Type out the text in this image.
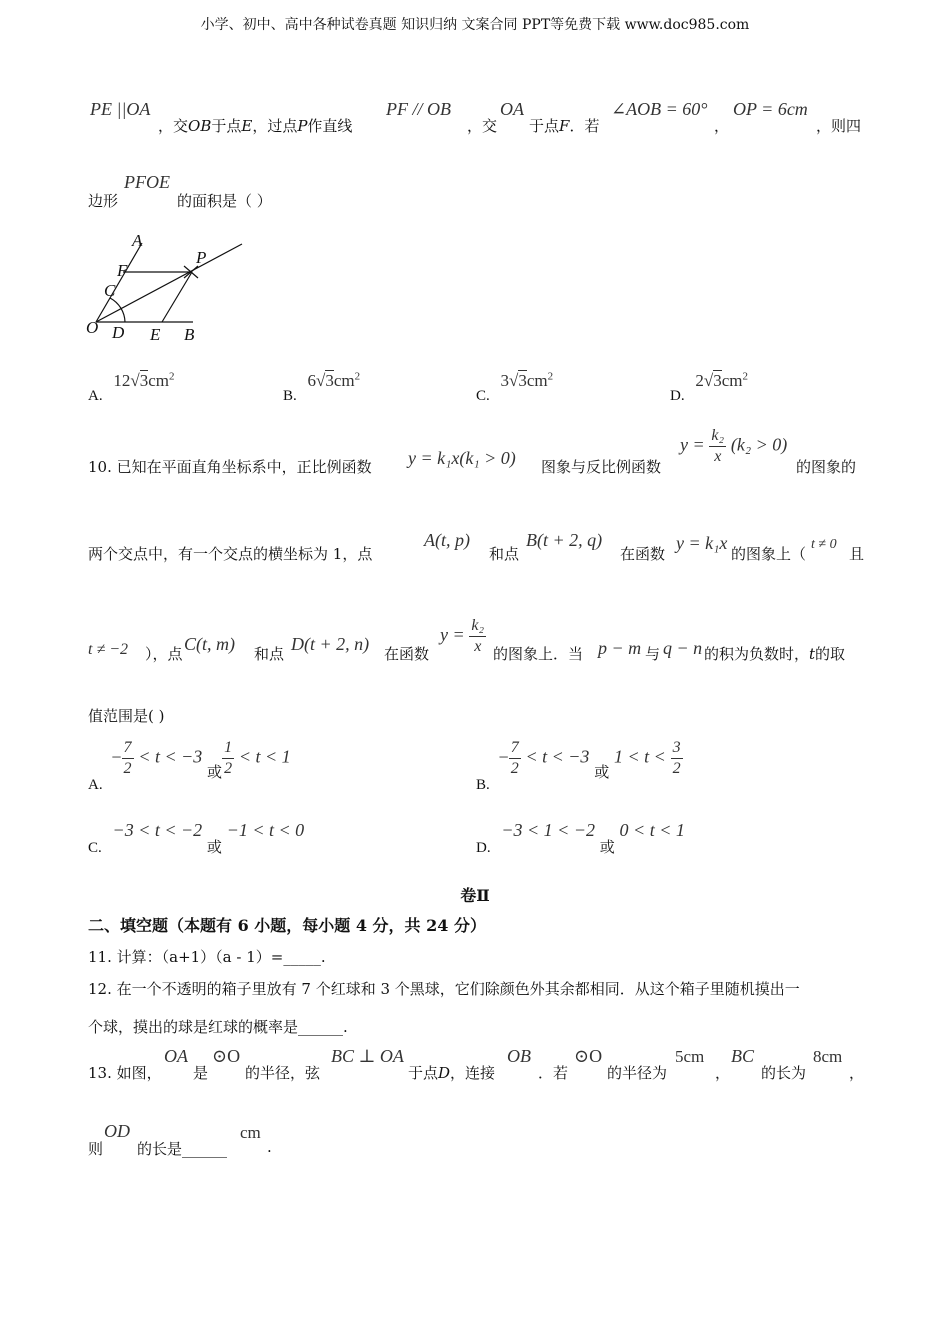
小学、初中、高中各种试卷真题 知识归纳 文案合同 PPT等免费下载 www.doc985.com
PE ||OA
，交OB于点E，过点P作直线
PF // OB
，交
OA
于点F．若
∠AOB = 60°
，
OP = 6cm
，则四
边形
PFOE
的面积是（ ）
A
F
C
O D E B
P
A. $12√3cm^2$
B. $6√3cm^2$
C. $3√3cm^2$
D. $2√3cm^2$
10. 已知在平面直角坐标系中，正比例函数 y = k₁x(k₁ > 0) 图象与反比例函数
$y = \frac{\text{k₂}}{x} (k_2 > 0)$
的图象的
两个交点中，有一个交点的横坐标为 1，点
A(t, p)
和点
B(t + 2, q)
在函数
y = k₁x
的图象上（
t ≠ 0
且
t ≠ −2 ），点 C(t, m) 和点 D(t + 2, n) 在函数
$y = \frac{\text{k₂}}{x}$ 的图象上．当 p − m 与 q − n 的积为负数时，t的取
值范围是( )
A. − $\frac{7}{2} < t < -3$ 或 $\frac{1}{2} < t < 1$
B. − $\frac{7}{2} < t < -3$ 或 $1 < t < \frac{3}{2}$
C. −3 < t < −2 或 −1 < t < 0
D. −3 < 1 < −2 或 0 < t < 1
卷Ⅱ
二、填空题（本题有 6 小题，每小题 4 分，共 24 分）
11. 计算：（a+1）（a - 1）=_____.
12. 在一个不透明的箱子里放有 7 个红球和 3 个黑球，它们除颜色外其余都相同．从这个箱子里随机摸出一
个球，摸出的球是红球的概率是______.
13. 如图，
OA
是
⊙O
的半径，弦
BC ⊥ OA
于点D，连接
OB
．若
⊙O
的半径为
5cm
，
BC
的长为
8cm
，
则
OD
的长是______
cm
.
